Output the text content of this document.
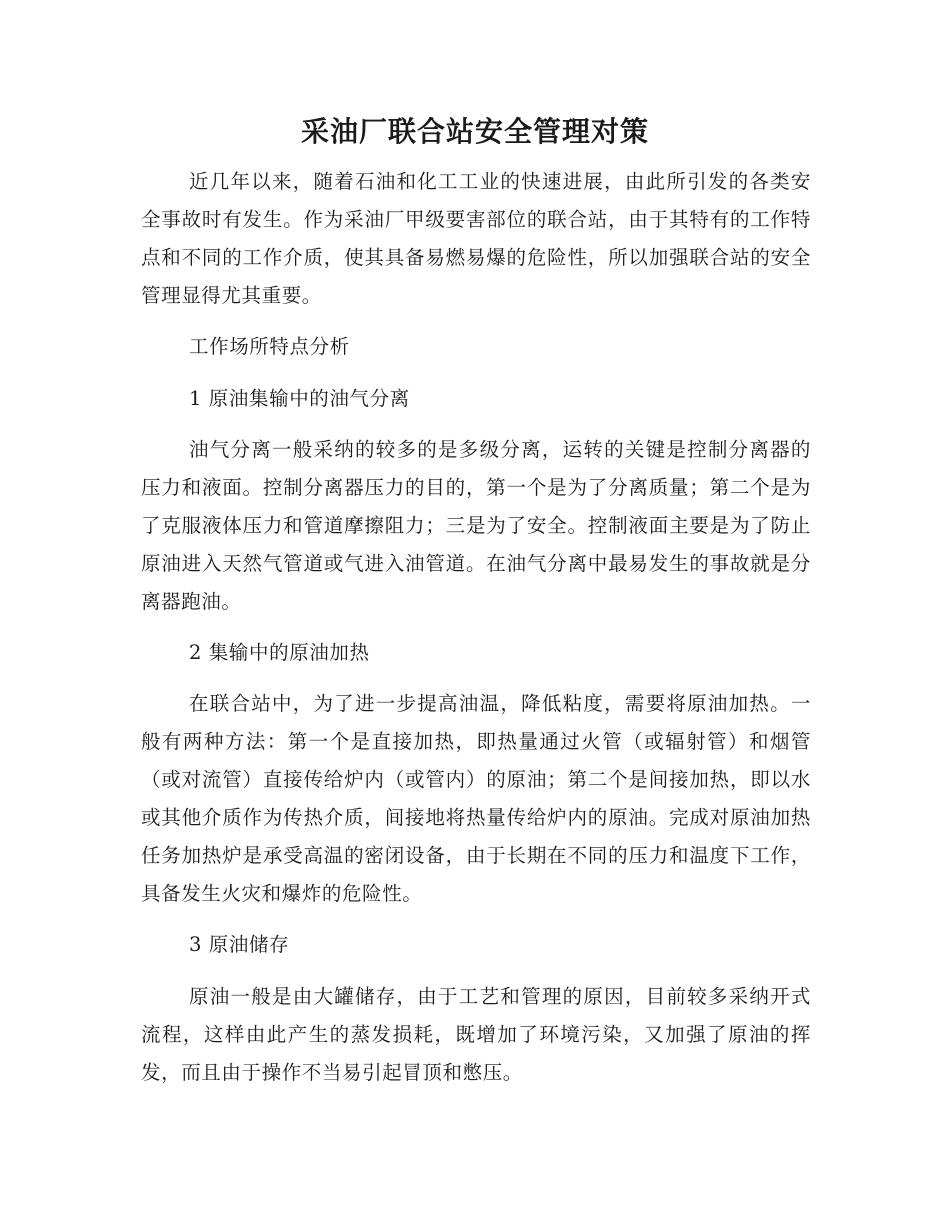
采油厂联合站安全管理对策

近几年以来，随着石油和化工工业的快速进展，由此所引发的各类安全事故时有发生。作为采油厂甲级要害部位的联合站，由于其特有的工作特点和不同的工作介质，使其具备易燃易爆的危险性，所以加强联合站的安全管理显得尤其重要。

工作场所特点分析

1 原油集输中的油气分离

油气分离一般采纳的较多的是多级分离，运转的关键是控制分离器的压力和液面。控制分离器压力的目的，第一个是为了分离质量；第二个是为了克服液体压力和管道摩擦阻力；三是为了安全。控制液面主要是为了防止原油进入天然气管道或气进入油管道。在油气分离中最易发生的事故就是分离器跑油。

2 集输中的原油加热

在联合站中，为了进一步提高油温，降低粘度，需要将原油加热。一般有两种方法：第一个是直接加热，即热量通过火管（或辐射管）和烟管（或对流管）直接传给炉内（或管内）的原油；第二个是间接加热，即以水或其他介质作为传热介质，间接地将热量传给炉内的原油。完成对原油加热任务加热炉是承受高温的密闭设备，由于长期在不同的压力和温度下工作，具备发生火灾和爆炸的危险性。

3 原油储存

原油一般是由大罐储存，由于工艺和管理的原因，目前较多采纳开式流程，这样由此产生的蒸发损耗，既增加了环境污染，又加强了原油的挥发，而且由于操作不当易引起冒顶和憋压。
